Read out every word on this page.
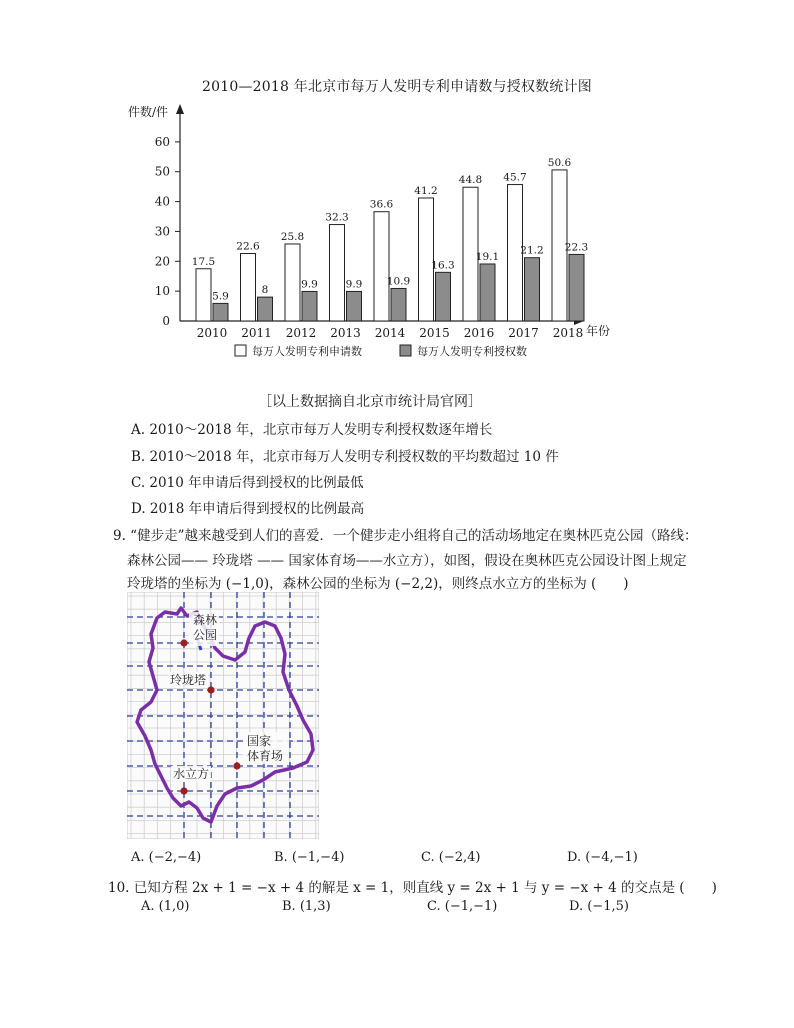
2010—2018 年北京市每万人发明专利申请数与授权数统计图
件数/件
年份
0
10
20
30
40
50
60
2010 2011 2012 2013 2014 2015 2016 2017 2018
17.5
5.9
22.6
8
25.8
9.9
32.3
9.9
36.6
10.9
41.2
16.3
44.8
19.1
45.7
21.2
50.6
22.3
每万人发明专利申请数	每万人发明专利授权数
［以上数据摘自北京市统计局官网］
A. 2010～2018 年，北京市每万人发明专利授权数逐年增长
B. 2010～2018 年，北京市每万人发明专利授权数的平均数超过 10 件
C. 2010 年申请后得到授权的比例最低
D. 2018 年申请后得到授权的比例最高
9. “健步走”越来越受到人们的喜爱．一个健步走小组将自己的活动场地定在奥林匹克公园（路线：
森林公园—— 玲珑塔 —— 国家体育场——水立方），如图，假设在奥林匹克公园设计图上规定
玲珑塔的坐标为 (−1,0)，森林公园的坐标为 (−2,2)，则终点水立方的坐标为 (　　)
森林
公园
玲珑塔
国家
体育场
水立方
A. (−2,−4)	B. (−1,−4)	C. (−2,4)	D. (−4,−1)
10. 已知方程 2x + 1 = −x + 4 的解是 x = 1，则直线 y = 2x + 1 与 y = −x + 4 的交点是 (　　)
A. (1,0)	B. (1,3)	C. (−1,−1)	D. (−1,5)
